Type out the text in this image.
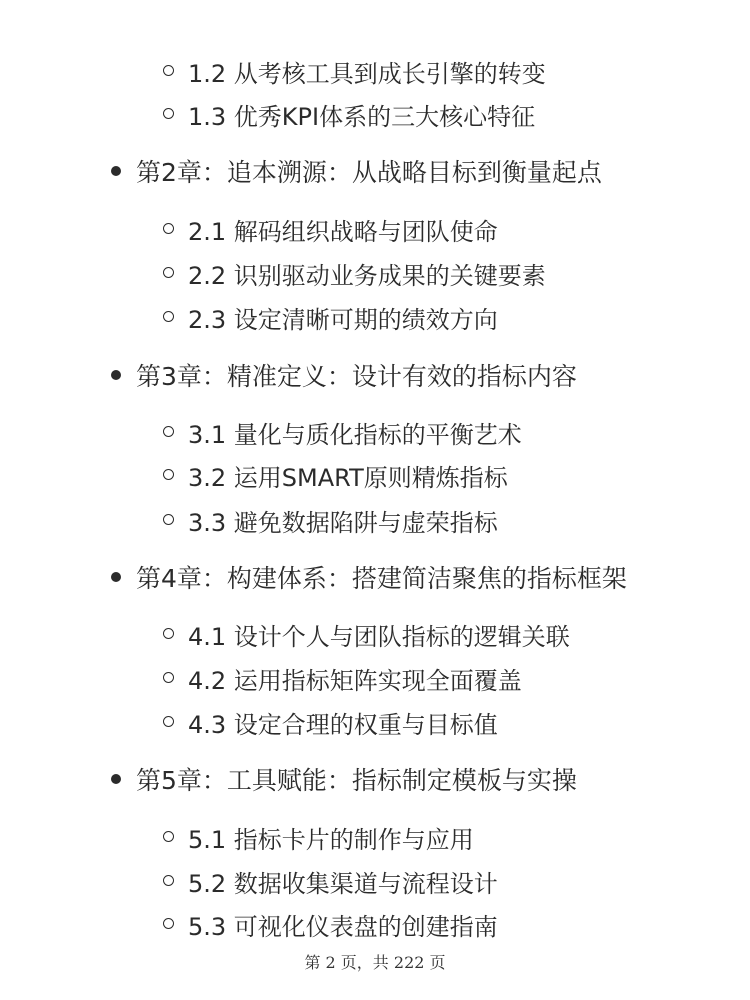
1.2 从考核工具到成长引擎的转变
1.3 优秀KPI体系的三大核心特征
第2章：追本溯源：从战略目标到衡量起点
2.1 解码组织战略与团队使命
2.2 识别驱动业务成果的关键要素
2.3 设定清晰可期的绩效方向
第3章：精准定义：设计有效的指标内容
3.1 量化与质化指标的平衡艺术
3.2 运用SMART原则精炼指标
3.3 避免数据陷阱与虚荣指标
第4章：构建体系：搭建简洁聚焦的指标框架
4.1 设计个人与团队指标的逻辑关联
4.2 运用指标矩阵实现全面覆盖
4.3 设定合理的权重与目标值
第5章：工具赋能：指标制定模板与实操
5.1 指标卡片的制作与应用
5.2 数据收集渠道与流程设计
5.3 可视化仪表盘的创建指南
第 2 页，共 222 页
